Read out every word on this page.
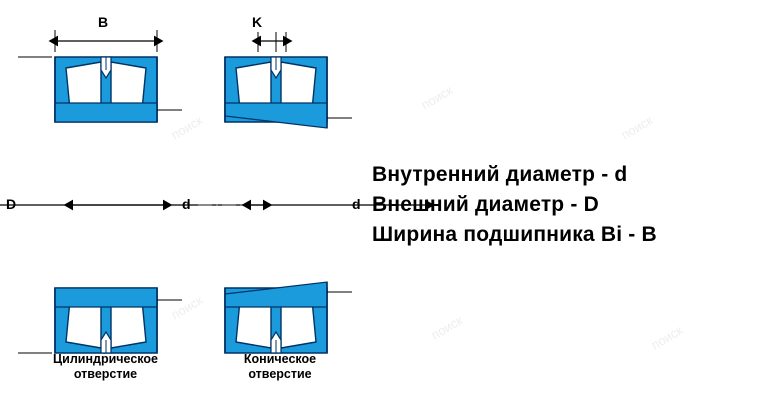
поиск
поиск
поиск
поиск
поиск	поиск
B
D	d
K
d
Цилиндрическое
отверстие
Коническое
отверстие
Внутренний диаметр - d
Внешний диаметр - D
Ширина подшипника Bi - B
